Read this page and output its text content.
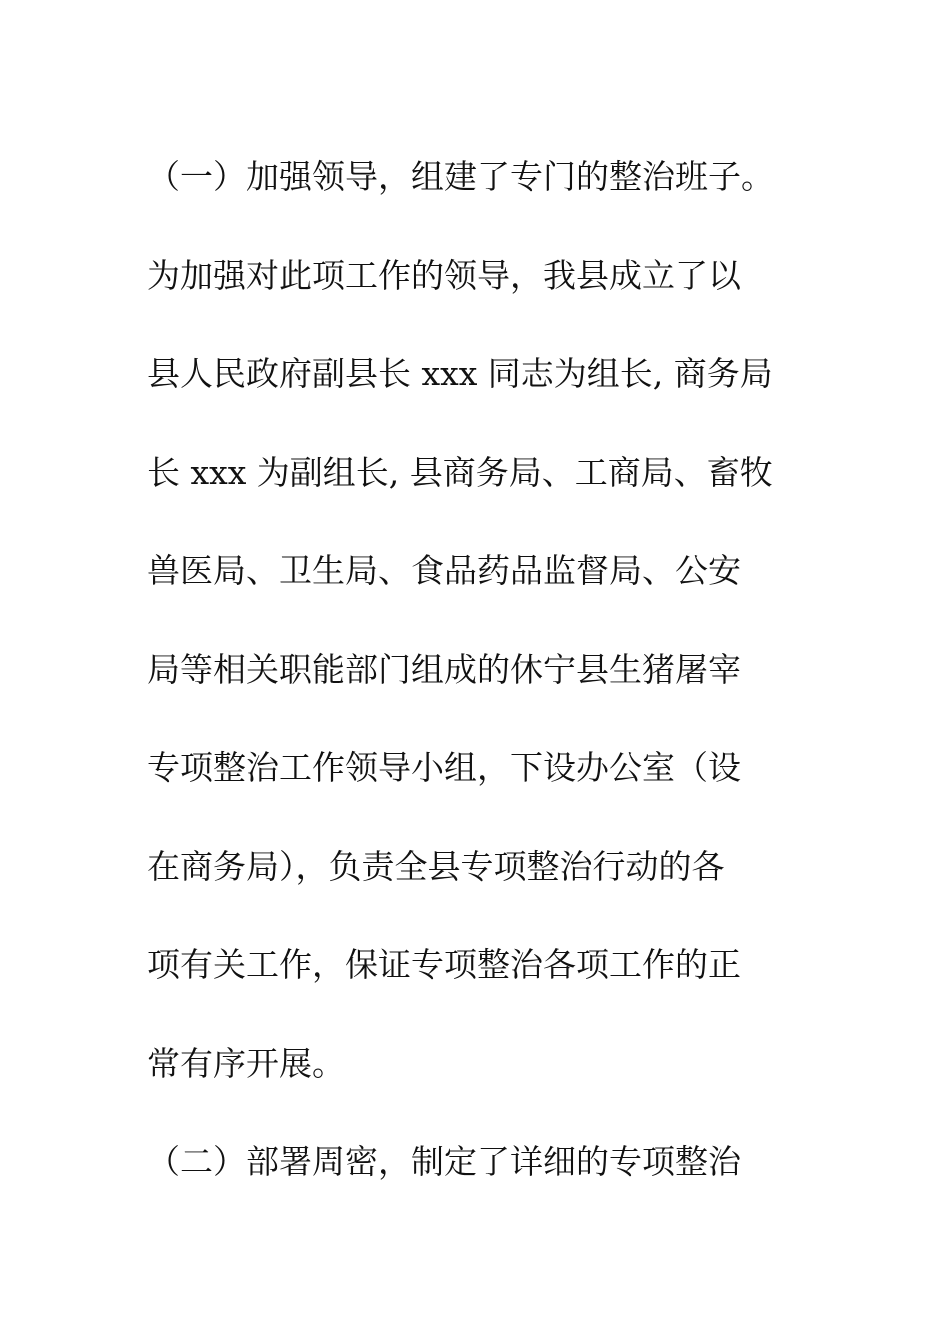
（一）加强领导，组建了专门的整治班子。
为加强对此项工作的领导，我县成立了以
县人民政府副县长 xxx 同志为组长, 商务局
长 xxx 为副组长, 县商务局、工商局、畜牧
兽医局、卫生局、食品药品监督局、公安
局等相关职能部门组成的休宁县生猪屠宰
专项整治工作领导小组，下设办公室（设
在商务局），负责全县专项整治行动的各
项有关工作，保证专项整治各项工作的正
常有序开展。
（二）部署周密，制定了详细的专项整治
